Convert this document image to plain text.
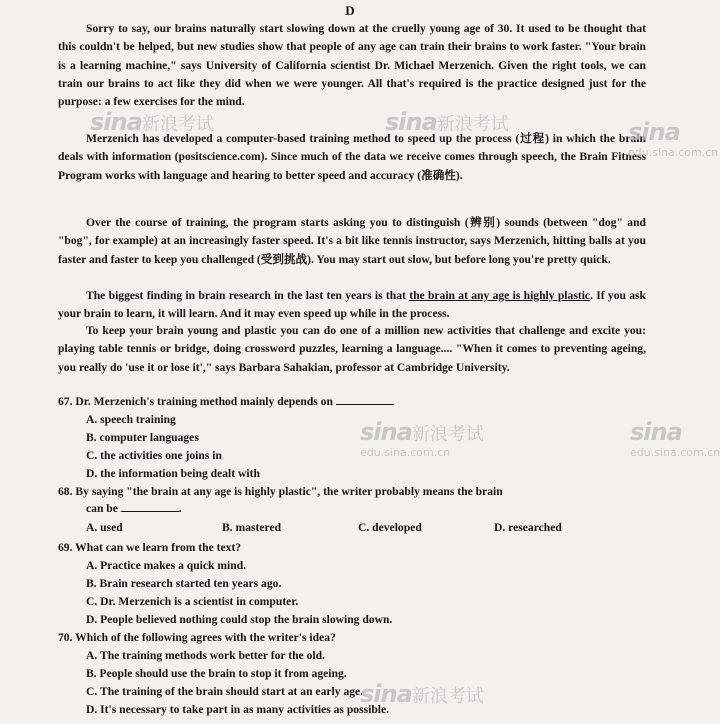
D

Sorry to say, our brains naturally start slowing down at the cruelly young age of 30. It used to be thought that this couldn't be helped, but new studies show that people of any age can train their brains to work faster. "Your brain is a learning machine," says University of California scientist Dr. Michael Merzenich. Given the right tools, we can train our brains to act like they did when we were younger. All that's required is the practice designed just for the purpose: a few exercises for the mind.

Merzenich has developed a computer-based training method to speed up the process (过程) in which the brain deals with information (positscience.com). Since much of the data we receive comes through speech, the Brain Fitness Program works with language and hearing to better speed and accuracy (准确性).

Over the course of training, the program starts asking you to distinguish (辨别) sounds (between "dog" and "bog", for example) at an increasingly faster speed. It's a bit like tennis instructor, says Merzenich, hitting balls at you faster and faster to keep you challenged (受到挑战). You may start out slow, but before long you're pretty quick.

The biggest finding in brain research in the last ten years is that the brain at any age is highly plastic. If you ask your brain to learn, it will learn. And it may even speed up while in the process.

To keep your brain young and plastic you can do one of a million new activities that challenge and excite you: playing table tennis or bridge, doing crossword puzzles, learning a language.... "When it comes to preventing ageing, you really do 'use it or lose it'," says Barbara Sahakian, professor at Cambridge University.

67. Dr. Merzenich's training method mainly depends on

A. speech training
B. computer languages
C. the activities one joins in
D. the information being dealt with

68. By saying "the brain at any age is highly plastic", the writer probably means the brain

can be	.

A. used	B. mastered	C. developed	D. researched

69. What can we learn from the text?

A. Practice makes a quick mind.
B. Brain research started ten years ago.
C. Dr. Merzenich is a scientist in computer.
D. People believed nothing could stop the brain slowing down.

70. Which of the following agrees with the writer's idea?

A. The training methods work better for the old.
B. People should use the brain to stop it from ageing.
C. The training of the brain should start at an early age.
D. It's necessary to take part in as many activities as possible.
sina新浪考试	sina新浪考试	sina
edu.sina.com.cn
sina新浪考试
edu.sina.com.cn
sina
edu.sina.com.cn
sina新浪考试
